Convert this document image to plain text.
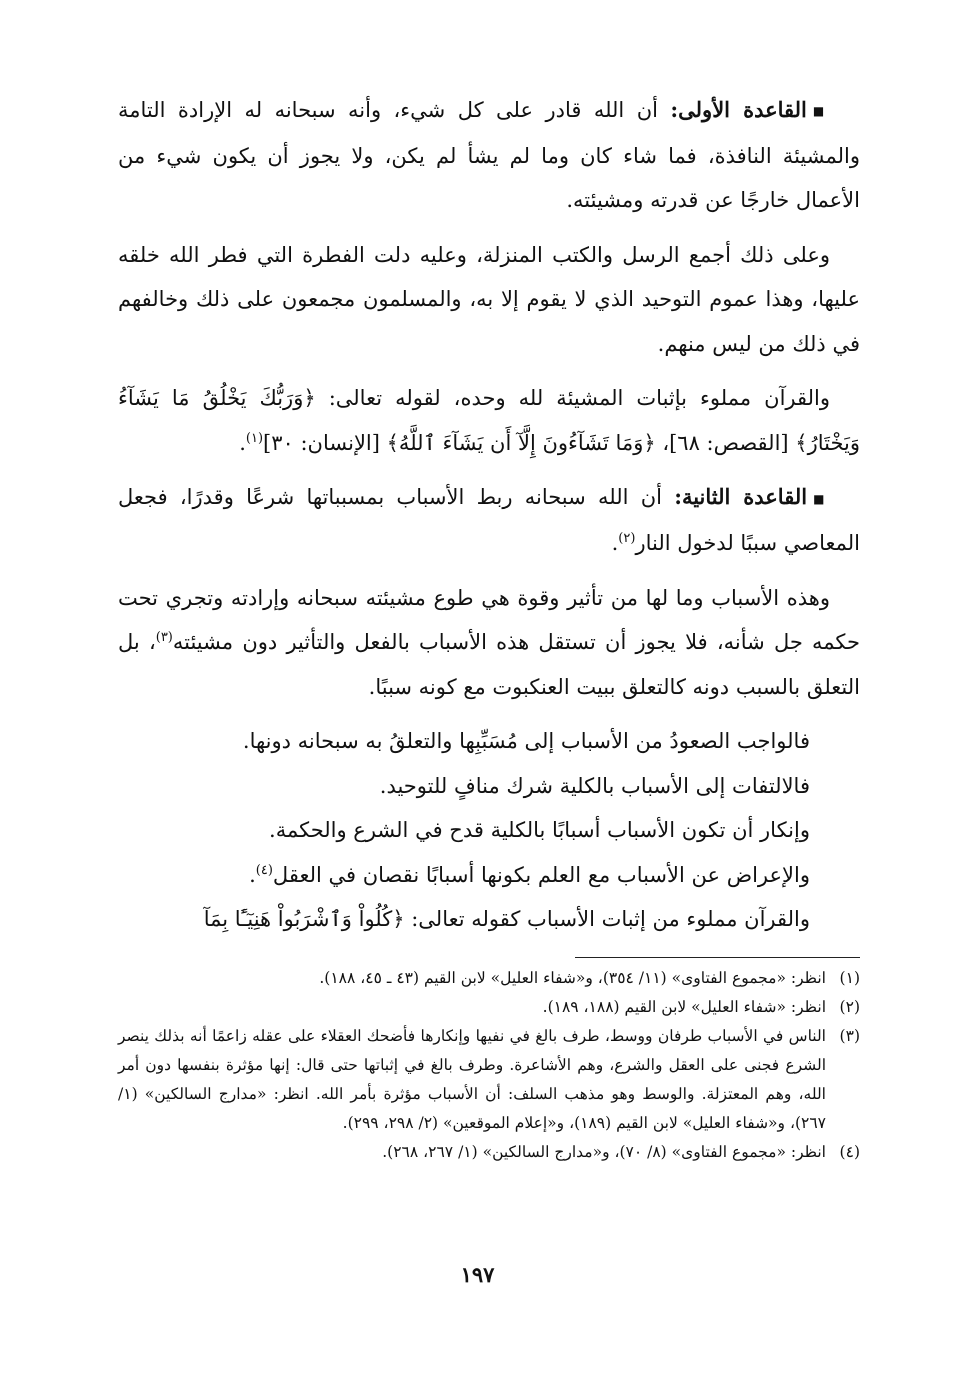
■القاعدة الأولى: أن الله قادر على كل شيء، وأنه سبحانه له الإرادة التامة والمشيئة النافذة، فما شاء كان وما لم يشأ لم يكن، ولا يجوز أن يكون شيء من الأعمال خارجًا عن قدرته ومشيئته.

وعلى ذلك أجمع الرسل والكتب المنزلة، وعليه دلت الفطرة التي فطر الله خلقه عليها، وهذا عموم التوحيد الذي لا يقوم إلا به، والمسلمون مجمعون على ذلك وخالفهم في ذلك من ليس منهم.

والقرآن مملوء بإثبات المشيئة لله وحده، لقوله تعالى: ﴿وَرَبُّكَ يَخْلُقُ مَا يَشَآءُ وَيَخْتَارُ﴾ [القصص: ٦٨]، ﴿وَمَا تَشَآءُونَ إِلَّآ أَن يَشَآءَ ٱللَّهُ﴾ [الإنسان: ٣٠]$^{(١)}$.

■القاعدة الثانية: أن الله سبحانه ربط الأسباب بمسبباتها شرعًا وقدرًا، فجعل المعاصي سببًا لدخول النار$^{(٢)}$.

وهذه الأسباب وما لها من تأثير وقوة هي طوع مشيئته سبحانه وإرادته وتجري تحت حكمه جل شأنه، فلا يجوز أن تستقل هذه الأسباب بالفعل والتأثير دون مشيئته$^{(٣)}$، بل التعلق بالسبب دونه كالتعلق ببيت العنكبوت مع كونه سببًا.

فالواجب الصعودُ من الأسباب إلى مُسَبِّبِها والتعلقُ به سبحانه دونها.

فالالتفات إلى الأسباب بالكلية شرك منافٍ للتوحيد.

وإنكار أن تكون الأسباب أسبابًا بالكلية قدح في الشرع والحكمة.

والإعراض عن الأسباب مع العلم بكونها أسبابًا نقصان في العقل$^{(٤)}$.

والقرآن مملوء من إثبات الأسباب كقوله تعالى: ﴿كُلُواْ وَٱشْرَبُواْ هَنِيٓـًٔا بِمَآ

(١)
انظر: «مجموع الفتاوى» (١١/ ٣٥٤)، و«شفاء العليل» لابن القيم (٤٣ ـ ٤٥، ١٨٨).
(٢)
انظر: «شفاء العليل» لابن القيم (١٨٨، ١٨٩).
(٣)
الناس في الأسباب طرفان ووسط، طرف بالغ في نفيها وإنكارها فأضحك العقلاء على عقله زاعمًا أنه بذلك ينصر الشرع فجنى على العقل والشرع، وهم الأشاعرة. وطرف بالغ في إثباتها حتى قال: إنها مؤثرة بنفسها دون أمر الله، وهم المعتزلة. والوسط وهو مذهب السلف: أن الأسباب مؤثرة بأمر الله. انظر: «مدارج السالكين» (١/ ٢٦٧)، و«شفاء العليل» لابن القيم (١٨٩)، و«إعلام الموقعين» (٢/ ٢٩٨، ٢٩٩).
(٤)
انظر: «مجموع الفتاوى» (٨/ ٧٠)، و«مدارج السالكين» (١/ ٢٦٧، ٢٦٨).
١٩٧
